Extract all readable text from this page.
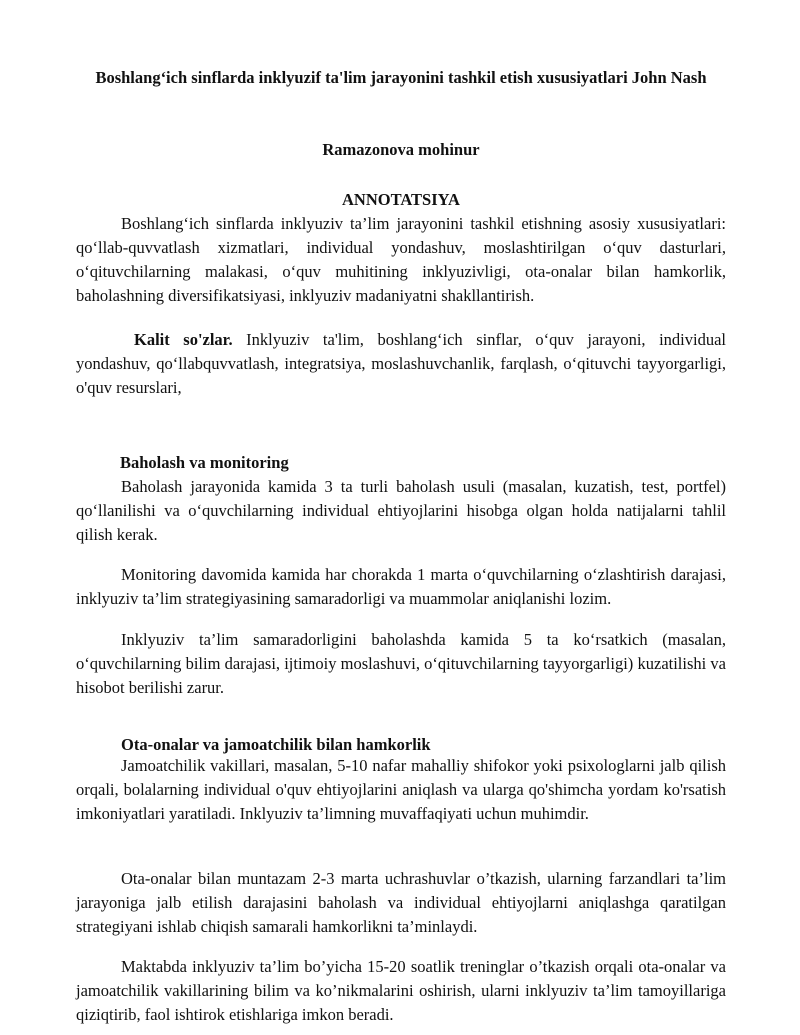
Boshlang‘ich sinflarda inklyuzif ta'lim jarayonini tashkil etish xususiyatlari John Nash
Ramazonova mohinur
ANNOTATSIYA

Boshlang‘ich sinflarda inklyuziv ta’lim jarayonini tashkil etishning asosiy xususiyatlari: qo‘llab-quvvatlash xizmatlari, individual yondashuv, moslashtirilgan o‘quv dasturlari, o‘qituvchilarning malakasi, o‘quv muhitining inklyuzivligi, ota-onalar bilan hamkorlik, baholashning diversifikatsiyasi, inklyuziv madaniyatni shakllantirish.

Kalit so'zlar. Inklyuziv ta'lim, boshlang‘ich sinflar, o‘quv jarayoni, individual yondashuv, qo‘llabquvvatlash, integratsiya, moslashuvchanlik, farqlash, o‘qituvchi tayyorgarligi, o'quv resurslari,

Baholash va monitoring

Baholash jarayonida kamida 3 ta turli baholash usuli (masalan, kuzatish, test, portfel) qo‘llanilishi va o‘quvchilarning individual ehtiyojlarini hisobga olgan holda natijalarni tahlil qilish kerak.

Monitoring davomida kamida har chorakda 1 marta o‘quvchilarning o‘zlashtirish darajasi, inklyuziv ta’lim strategiyasining samaradorligi va muammolar aniqlanishi lozim.

Inklyuziv ta’lim samaradorligini baholashda kamida 5 ta ko‘rsatkich (masalan, o‘quvchilarning bilim darajasi, ijtimoiy moslashuvi, o‘qituvchilarning tayyorgarligi) kuzatilishi va hisobot berilishi zarur.

Ota-onalar va jamoatchilik bilan hamkorlik

Jamoatchilik vakillari, masalan, 5-10 nafar mahalliy shifokor yoki psixologlarni jalb qilish orqali, bolalarning individual o'quv ehtiyojlarini aniqlash va ularga qo'shimcha yordam ko'rsatish imkoniyatlari yaratiladi. Inklyuziv ta’limning muvaffaqiyati uchun muhimdir.

Ota-onalar bilan muntazam 2-3 marta uchrashuvlar o’tkazish, ularning farzandlari ta’lim jarayoniga jalb etilish darajasini baholash va individual ehtiyojlarni aniqlashga qaratilgan strategiyani ishlab chiqish samarali hamkorlikni ta’minlaydi.

Maktabda inklyuziv ta’lim bo’yicha 15-20 soatlik treninglar o’tkazish orqali ota-onalar va jamoatchilik vakillarining bilim va ko’nikmalarini oshirish, ularni inklyuziv ta’lim tamoyillariga qiziqtirib, faol ishtirok etishlariga imkon beradi.
